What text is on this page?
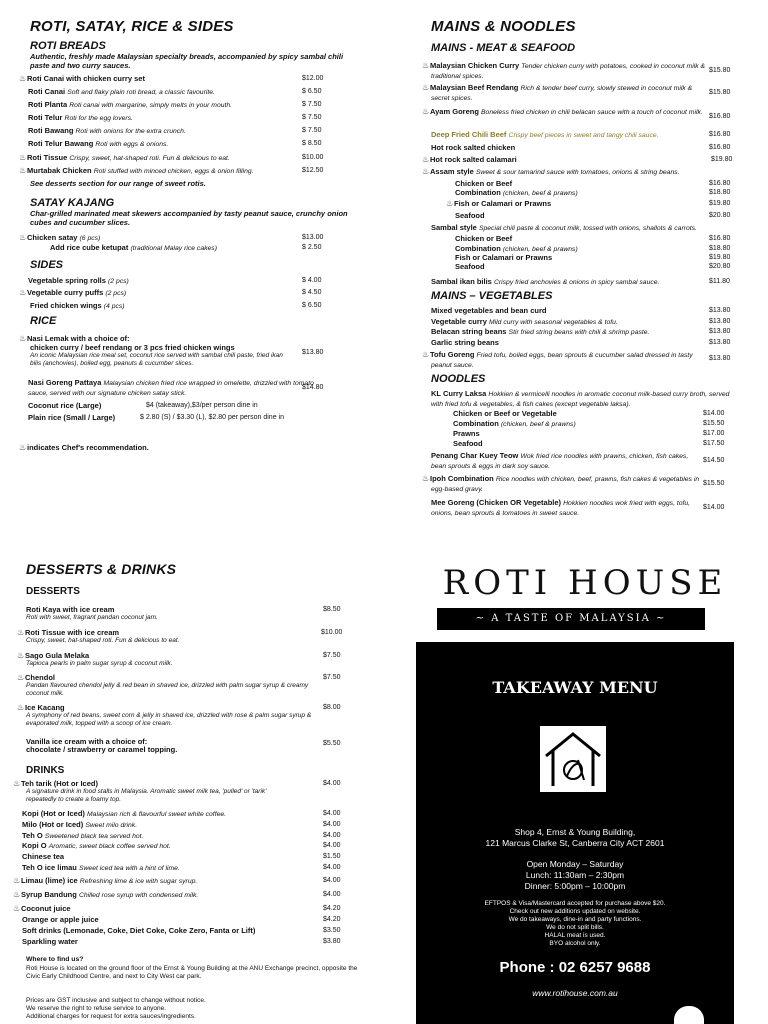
ROTI, SATAY, RICE & SIDES
ROTI BREADS
Authentic, freshly made Malaysian specialty breads, accompanied by spicy sambal chili paste and two curry sauces.
♨Roti Canai with chicken curry set	$12.00
Roti Canai Soft and flaky plain roti bread, a classic favourite.	$ 6.50
Roti Planta Roti canai with margarine, simply melts in your mouth.	$ 7.50
Roti Telur Roti for the egg lovers.	$ 7.50
Roti Bawang Roti with onions for the extra crunch.	$ 7.50
Roti Telur Bawang Roti with eggs & onions.	$ 8.50
♨Roti Tissue Crispy, sweet, hat-shaped roti. Fun & delicious to eat.	$10.00
♨Murtabak Chicken Roti stuffed with minced chicken, eggs & onion filling.	$12.50
See desserts section for our range of sweet rotis.
SATAY KAJANG
Char-grilled marinated meat skewers accompanied by tasty peanut sauce, crunchy onion cubes and cucumber slices.
♨Chicken satay (6 pcs)	$13.00
Add rice cube ketupat (traditional Malay rice cakes)	$ 2.50
SIDES
Vegetable spring rolls (2 pcs)	$ 4.00
♨Vegetable curry puffs (2 pcs)	$ 4.50
Fried chicken wings (4 pcs)	$ 6.50
RICE
♨Nasi Lemak with a choice of:
chicken curry / beef rendang or 3 pcs fried chicken wings
$13.80
An iconic Malaysian rice meal set, coconut rice served with sambal chili paste, fried ikan bilis (anchovies), boiled egg, peanuts & cucumber slices.
Nasi Goreng Pattaya Malaysian chicken fried rice wrapped in omelette, drizzled with tomato sauce, served with our signature chicken satay stick.
$14.80
Coconut rice (Large)	$4 (takeaway),$3/per person dine in
Plain rice (Small / Large)	$ 2.80 (S) / $3.30 (L), $2.80 per person dine in
♨indicates Chef's recommendation.
MAINS & NOODLES
MAINS - MEAT & SEAFOOD
♨Malaysian Chicken Curry Tender chicken curry with potatoes, cooked in coconut milk & traditional spices.
$15.80
♨Malaysian Beef Rendang Rich & tender beef curry, slowly stewed in coconut milk & secret spices.
$15.80
♨Ayam Goreng Boneless fried chicken in chili belacan sauce with a touch of coconut milk.
$16.80
Deep Fried Chili Beef Crispy beef pieces in sweet and tangy chili sauce.	$16.80
Hot rock salted chicken	$16.80
♨Hot rock salted calamari	$19.80
♨Assam style Sweet & sour tamarind sauce with tomatoes, onions & string beans.
Chicken or Beef	$16.80
Combination (chicken, beef & prawns)	$18.80
♨Fish or Calamari or Prawns	$19.80
Seafood	$20.80
Sambal style Special chili paste & coconut milk, tossed with onions, shallots & carrots.
Chicken or Beef	$16.80
Combination (chicken, beef & prawns)	$18.80
Fish or Calamari or Prawns	$19.80
Seafood	$20.80
Sambal ikan bilis Crispy fried anchovies & onions in spicy sambal sauce.	$11.80
MAINS – VEGETABLES
Mixed vegetables and bean curd	$13.80
Vegetable curry Mild curry with seasonal vegetables & tofu.	$13.80
Belacan string beans Stir fried string beans with chili & shrimp paste.	$13.80
Garlic string beans	$13.80
♨Tofu Goreng Fried tofu, boiled eggs, bean sprouts & cucumber salad dressed in tasty peanut sauce.
$13.80
NOODLES
KL Curry Laksa Hokkien & vermicelli noodles in aromatic coconut milk-based curry broth, served with fried tofu & vegetables, & fish cakes (except vegetable laksa).
Chicken or Beef or Vegetable	$14.00
Combination (chicken, beef & prawns)	$15.50
Prawns	$17.00
Seafood	$17.50
Penang Char Kuey Teow Wok fried rice noodles with prawns, chicken, fish cakes, bean sprouts & eggs in dark soy sauce.
$14.50
♨Ipoh Combination Rice noodles with chicken, beef, prawns, fish cakes & vegetables in egg-based gravy.
$15.50
Mee Goreng (Chicken OR Vegetable) Hokkien noodles wok fried with eggs, tofu, onions, bean sprouts & tomatoes in sweet sauce.
$14.00
DESSERTS & DRINKS
DESSERTS
Roti Kaya with ice cream	$8.50
Roti with sweet, fragrant pandan coconut jam.
♨Roti Tissue with ice cream	$10.00
Crispy, sweet, hat-shaped roti. Fun & delicious to eat.
♨Sago Gula Melaka	$7.50
Tapioca pearls in palm sugar syrup & coconut milk.
♨Chendol	$7.50
Pandan flavoured chendol jelly & red bean in shaved ice, drizzled with palm sugar syrup & creamy coconut milk.
♨Ice Kacang	$8.00
A symphony of red beans, sweet corn & jelly in shaved ice, drizzled with rose & palm sugar syrup & evaporated milk, topped with a scoop of ice cream.
Vanilla ice cream with a choice of:	$5.50
chocolate / strawberry or caramel topping.
DRINKS
♨Teh tarik (Hot or Iced)	$4.00
A signature drink in food stalls in Malaysia. Aromatic sweet milk tea, 'pulled' or 'tarik' repeatedly to create a foamy top.
Kopi (Hot or Iced) Malaysian rich & flavourful sweet white coffee.	$4.00
Milo (Hot or Iced) Sweet milo drink.	$4.00
Teh O Sweetened black tea served hot.	$4.00
Kopi O Aromatic, sweet black coffee served hot.	$4.00
Chinese tea	$1.50
Teh O ice limau Sweet iced tea with a hint of lime.	$4.00
♨Limau (lime) ice Refreshing lime & ice with sugar syrup.	$4.00
♨Syrup Bandung Chilled rose syrup with condensed milk.	$4.00
♨Coconut juice	$4.20
Orange or apple juice	$4.20
Soft drinks (Lemonade, Coke, Diet Coke, Coke Zero, Fanta or Lift)	$3.50
Sparkling water	$3.80
Where to find us?
Roti House is located on the ground floor of the Ernst & Young Building at the ANU Exchange precinct, opposite the Civic Early Childhood Centre, and next to City West car park.
Prices are GST inclusive and subject to change without notice.
We reserve the right to refuse service to anyone.
Additional charges for request for extra sauces/ingredients.
ROTI HOUSE
~ A TASTE OF MALAYSIA ~
TAKEAWAY MENU
Shop 4, Ernst & Young Building,
121 Marcus Clarke St, Canberra City ACT 2601
Open Monday – Saturday
Lunch: 11:30am – 2:30pm
Dinner: 5:00pm – 10:00pm
EFTPOS & Visa/Mastercard accepted for purchase above $20.
Check out new additions updated on website.
We do takeaways, dine-in and party functions.
We do not split bills.
HALAL meat is used.
BYO alcohol only.
Phone : 02 6257 9688
www.rotihouse.com.au
